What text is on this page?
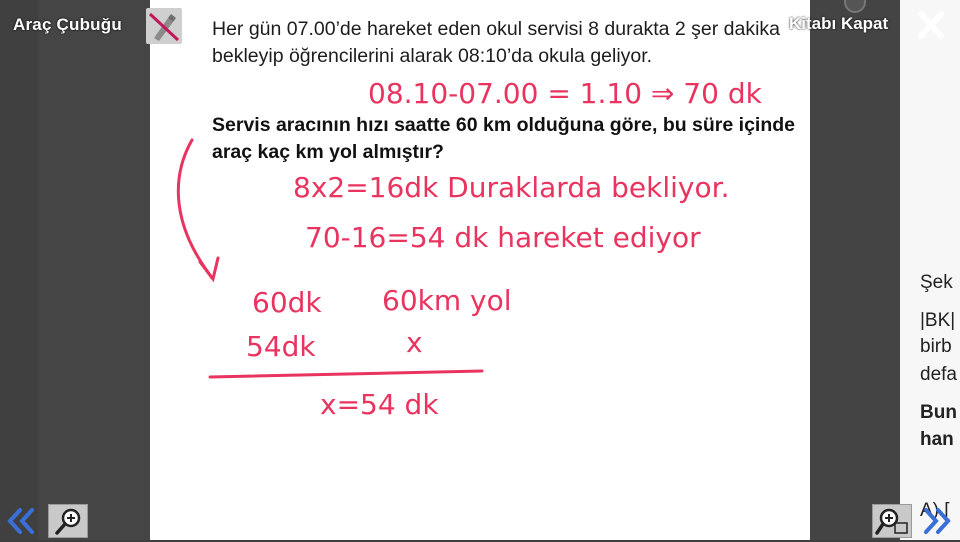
Şek
|BK|
birb
defa
Bun
han
A) [
Her gün 07.00’de hareket eden okul servisi 8 durakta 2 şer dakika bekleyip öğrencilerini alarak 08:10’da okula geliyor.
Servis aracının hızı saatte 60 km olduğuna göre, bu süre içinde araç kaç km yol almıştır?
08.10-07.00 = 1.10 ⇒ 70 dk
8x2=16dk Duraklarda bekliyor.
70-16=54 dk hareket ediyor
60dk 60km yol
54dk	x
x=54 dk
Araç Çubuğu	Kitabı Kapat
